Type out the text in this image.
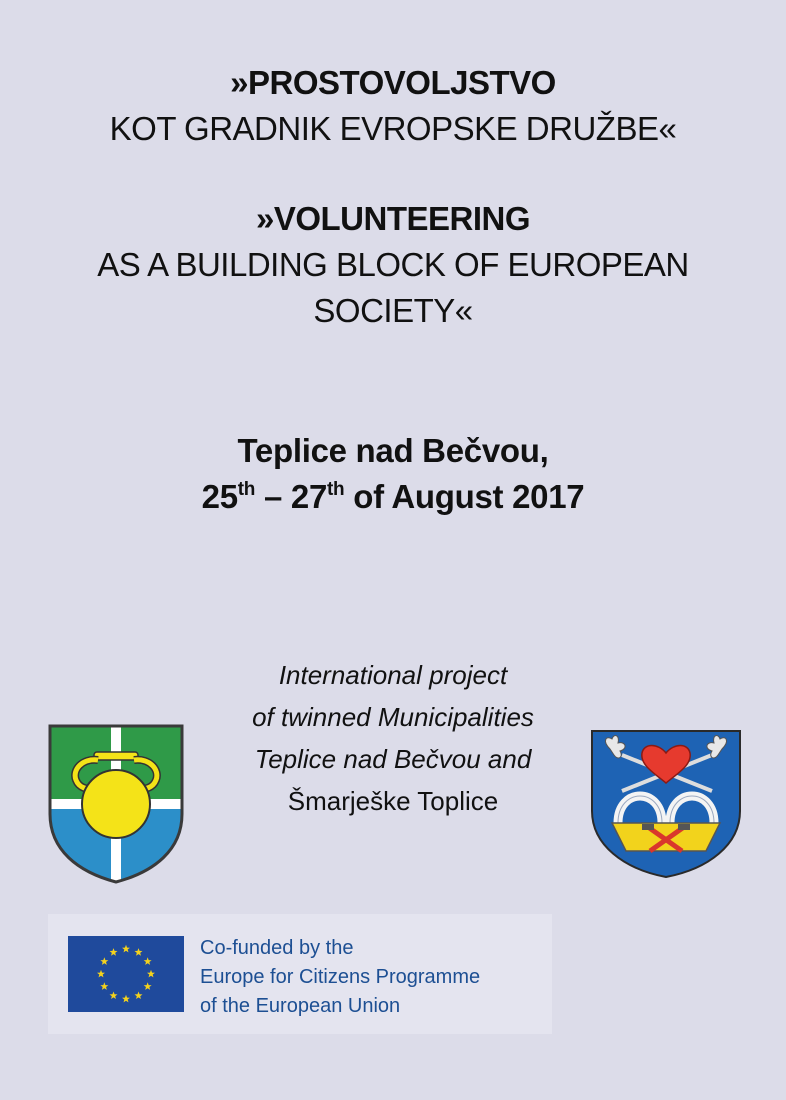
»PROSTOVOLJSTVO
KOT GRADNIK EVROPSKE DRUŽBE«
»VOLUNTEERING
AS A BUILDING BLOCK OF EUROPEAN
SOCIETY«
Teplice nad Bečvou,
25th – 27th of August 2017
International project
of twinned Municipalities
Teplice nad Bečvou and
Šmarješke Toplice
Co-funded by the
Europe for Citizens Programme
of the European Union
